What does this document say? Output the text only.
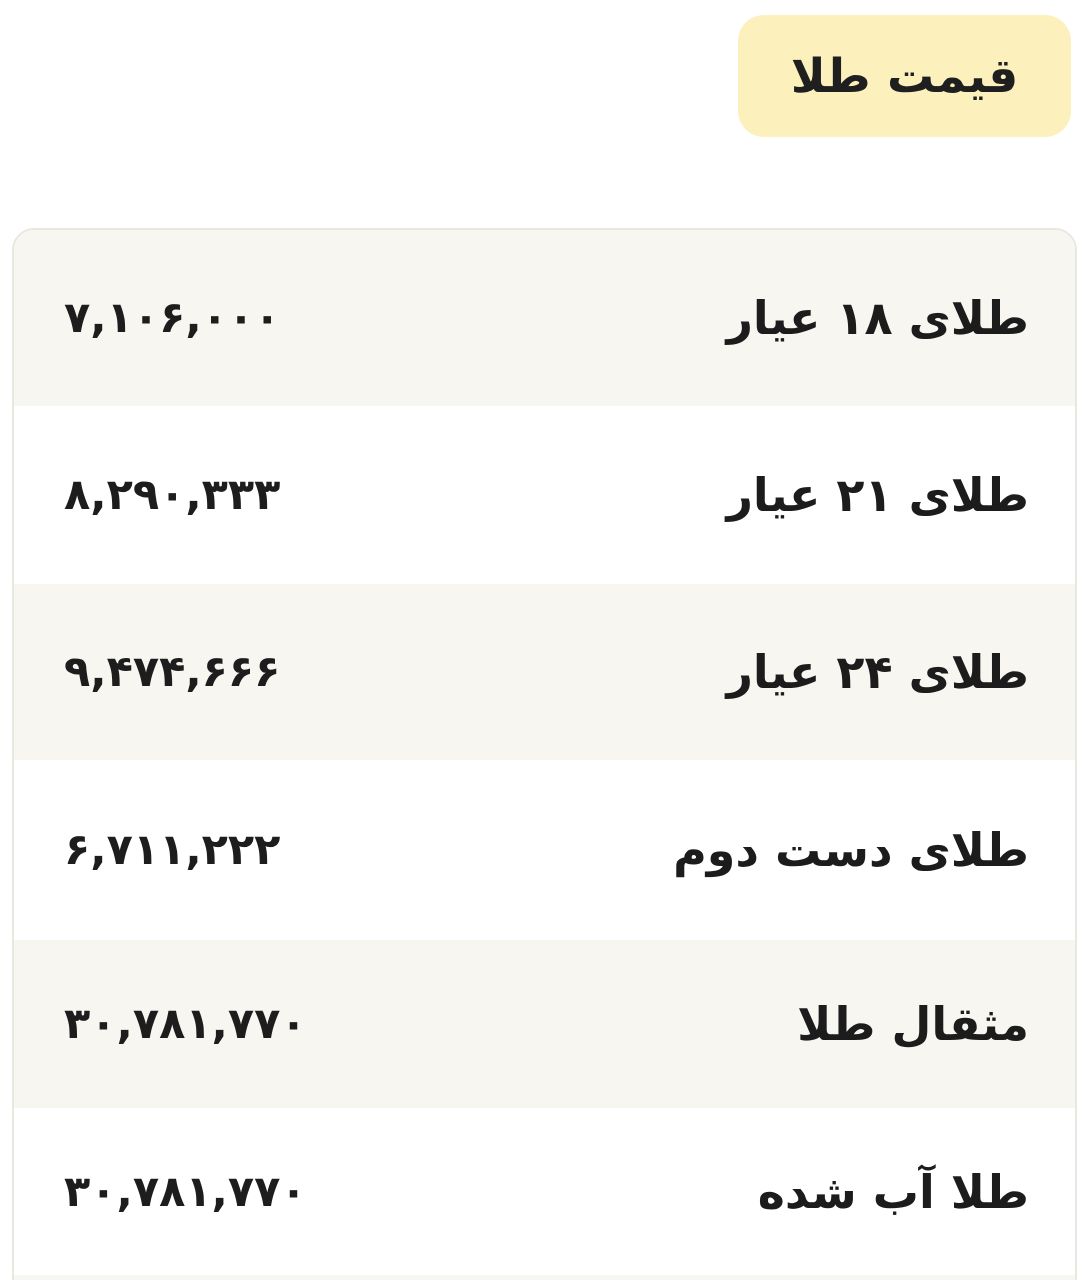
قیمت طلا
طلای ۱۸ عیار
۷,۱۰۶,۰۰۰
طلای ۲۱ عیار
۸,۲۹۰,۳۳۳
طلای ۲۴ عیار
۹,۴۷۴,۶۶۶
طلای دست دوم
۶,۷۱۱,۲۲۲
مثقال طلا
۳۰,۷۸۱,۷۷۰
طلا آب شده
۳۰,۷۸۱,۷۷۰
